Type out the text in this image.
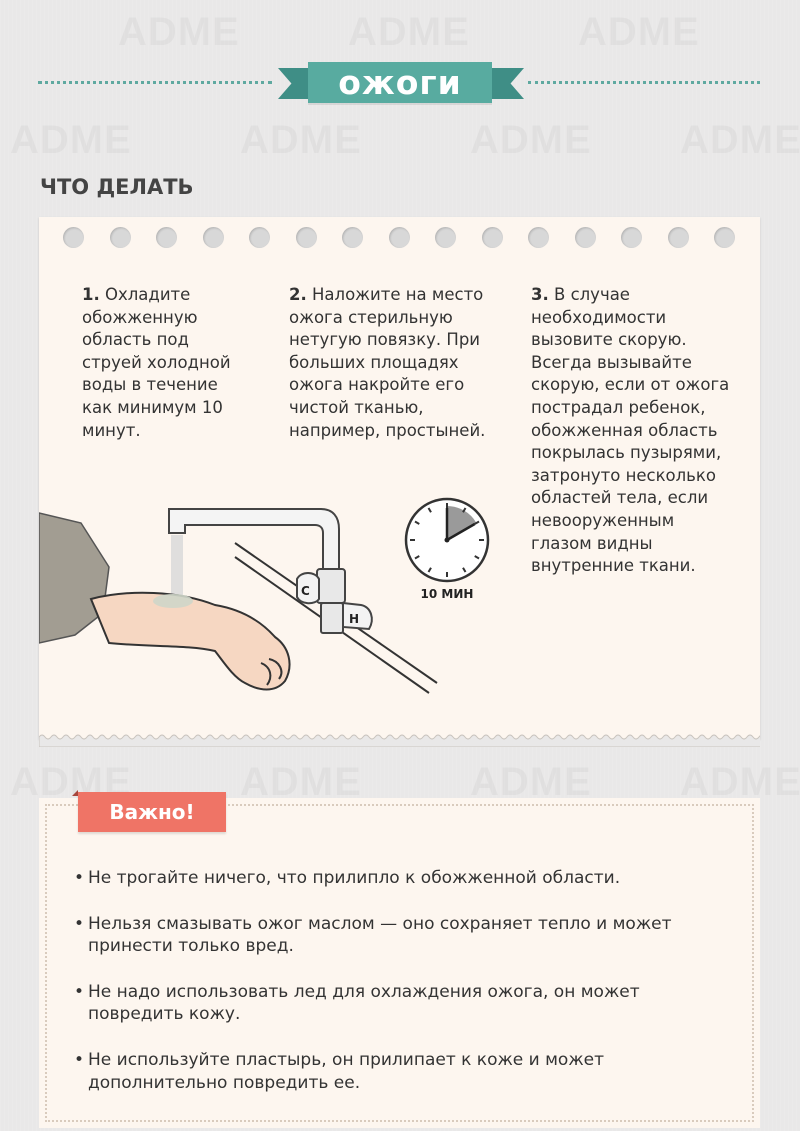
ожоги
ЧТО ДЕЛАТЬ
1. Охладите обожженную область под струей холодной воды в течение как минимум 10 минут.
2. Наложите на место ожога стерильную нетугую повязку. При больших площадях ожога накройте его чистой тканью, например, простыней.
3. В случае необходимости вызовите скорую. Всегда вызывайте скорую, если от ожога пострадал ребенок, обожженная область покрылась пузырями, затронуто несколько областей тела, если невооруженным глазом видны внутренние ткани.
С
Н
10 МИН
Важно!
• Не трогайте ничего, что прилипло к обожженной области.
• Нельзя смазывать ожог маслом — оно сохраняет тепло и может принести только вред.
• Не надо использовать лед для охлаждения ожога, он может повредить кожу.
• Не используйте пластырь, он прилипает к коже и может дополнительно повредить ее.
